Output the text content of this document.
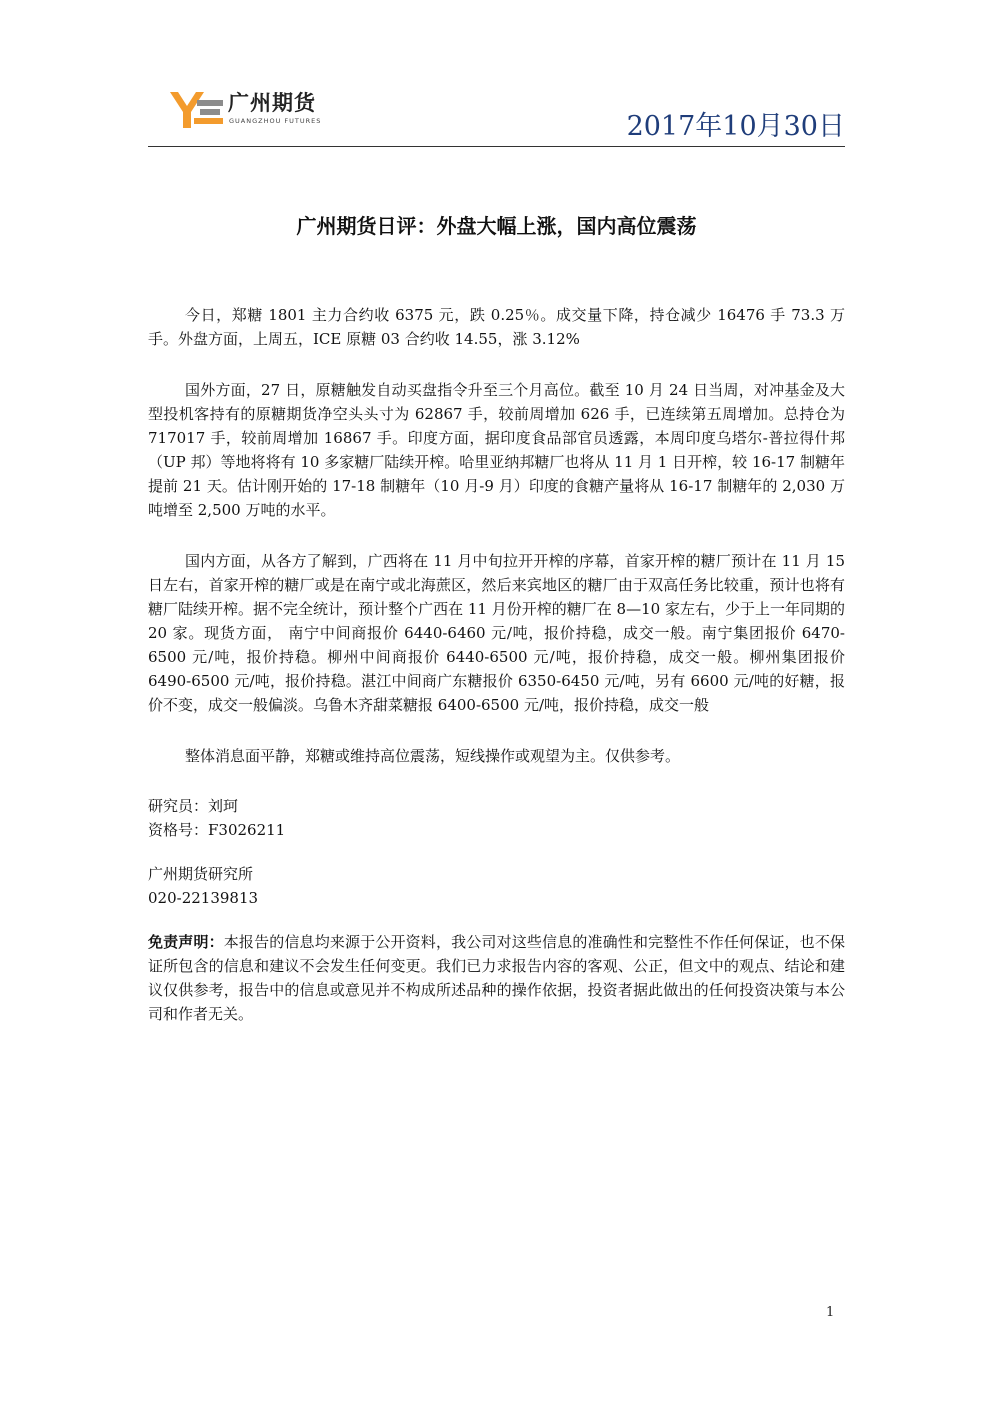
广州期货
GUANGZHOU FUTURES	2017年10月30日
广州期货日评：外盘大幅上涨，国内高位震荡

今日，郑糖 1801 主力合约收 6375 元，跌 0.25％。成交量下降，持仓减少 16476 手 73.3 万手。外盘方面，上周五，ICE 原糖 03 合约收 14.55，涨 3.12%

国外方面，27 日，原糖触发自动买盘指令升至三个月高位。截至 10 月 24 日当周，对冲基金及大型投机客持有的原糖期货净空头头寸为 62867 手，较前周增加 626 手，已连续第五周增加。总持仓为 717017 手，较前周增加 16867 手。印度方面，据印度食品部官员透露，本周印度乌塔尔-普拉得什邦（UP 邦）等地将将有 10 多家糖厂陆续开榨。哈里亚纳邦糖厂也将从 11 月 1 日开榨，较 16-17 制糖年提前 21 天。估计刚开始的 17-18 制糖年（10 月-9 月）印度的食糖产量将从 16-17 制糖年的 2,030 万吨增至 2,500 万吨的水平。

国内方面，从各方了解到，广西将在 11 月中旬拉开开榨的序幕，首家开榨的糖厂预计在 11 月 15 日左右，首家开榨的糖厂或是在南宁或北海蔗区，然后来宾地区的糖厂由于双高任务比较重，预计也将有糖厂陆续开榨。据不完全统计，预计整个广西在 11 月份开榨的糖厂在 8—10 家左右，少于上一年同期的 20 家。现货方面， 南宁中间商报价 6440-6460 元/吨，报价持稳，成交一般。南宁集团报价 6470-6500 元/吨，报价持稳。柳州中间商报价 6440-6500 元/吨，报价持稳，成交一般。柳州集团报价 6490-6500 元/吨，报价持稳。湛江中间商广东糖报价 6350-6450 元/吨，另有 6600 元/吨的好糖，报价不变，成交一般偏淡。乌鲁木齐甜菜糖报 6400-6500 元/吨，报价持稳，成交一般

整体消息面平静，郑糖或维持高位震荡，短线操作或观望为主。仅供参考。

研究员：刘珂

资格号：F3026211

广州期货研究所

020-22139813

免责声明：本报告的信息均来源于公开资料，我公司对这些信息的准确性和完整性不作任何保证，也不保证所包含的信息和建议不会发生任何变更。我们已力求报告内容的客观、公正，但文中的观点、结论和建议仅供参考，报告中的信息或意见并不构成所述品种的操作依据，投资者据此做出的任何投资决策与本公司和作者无关。

1
